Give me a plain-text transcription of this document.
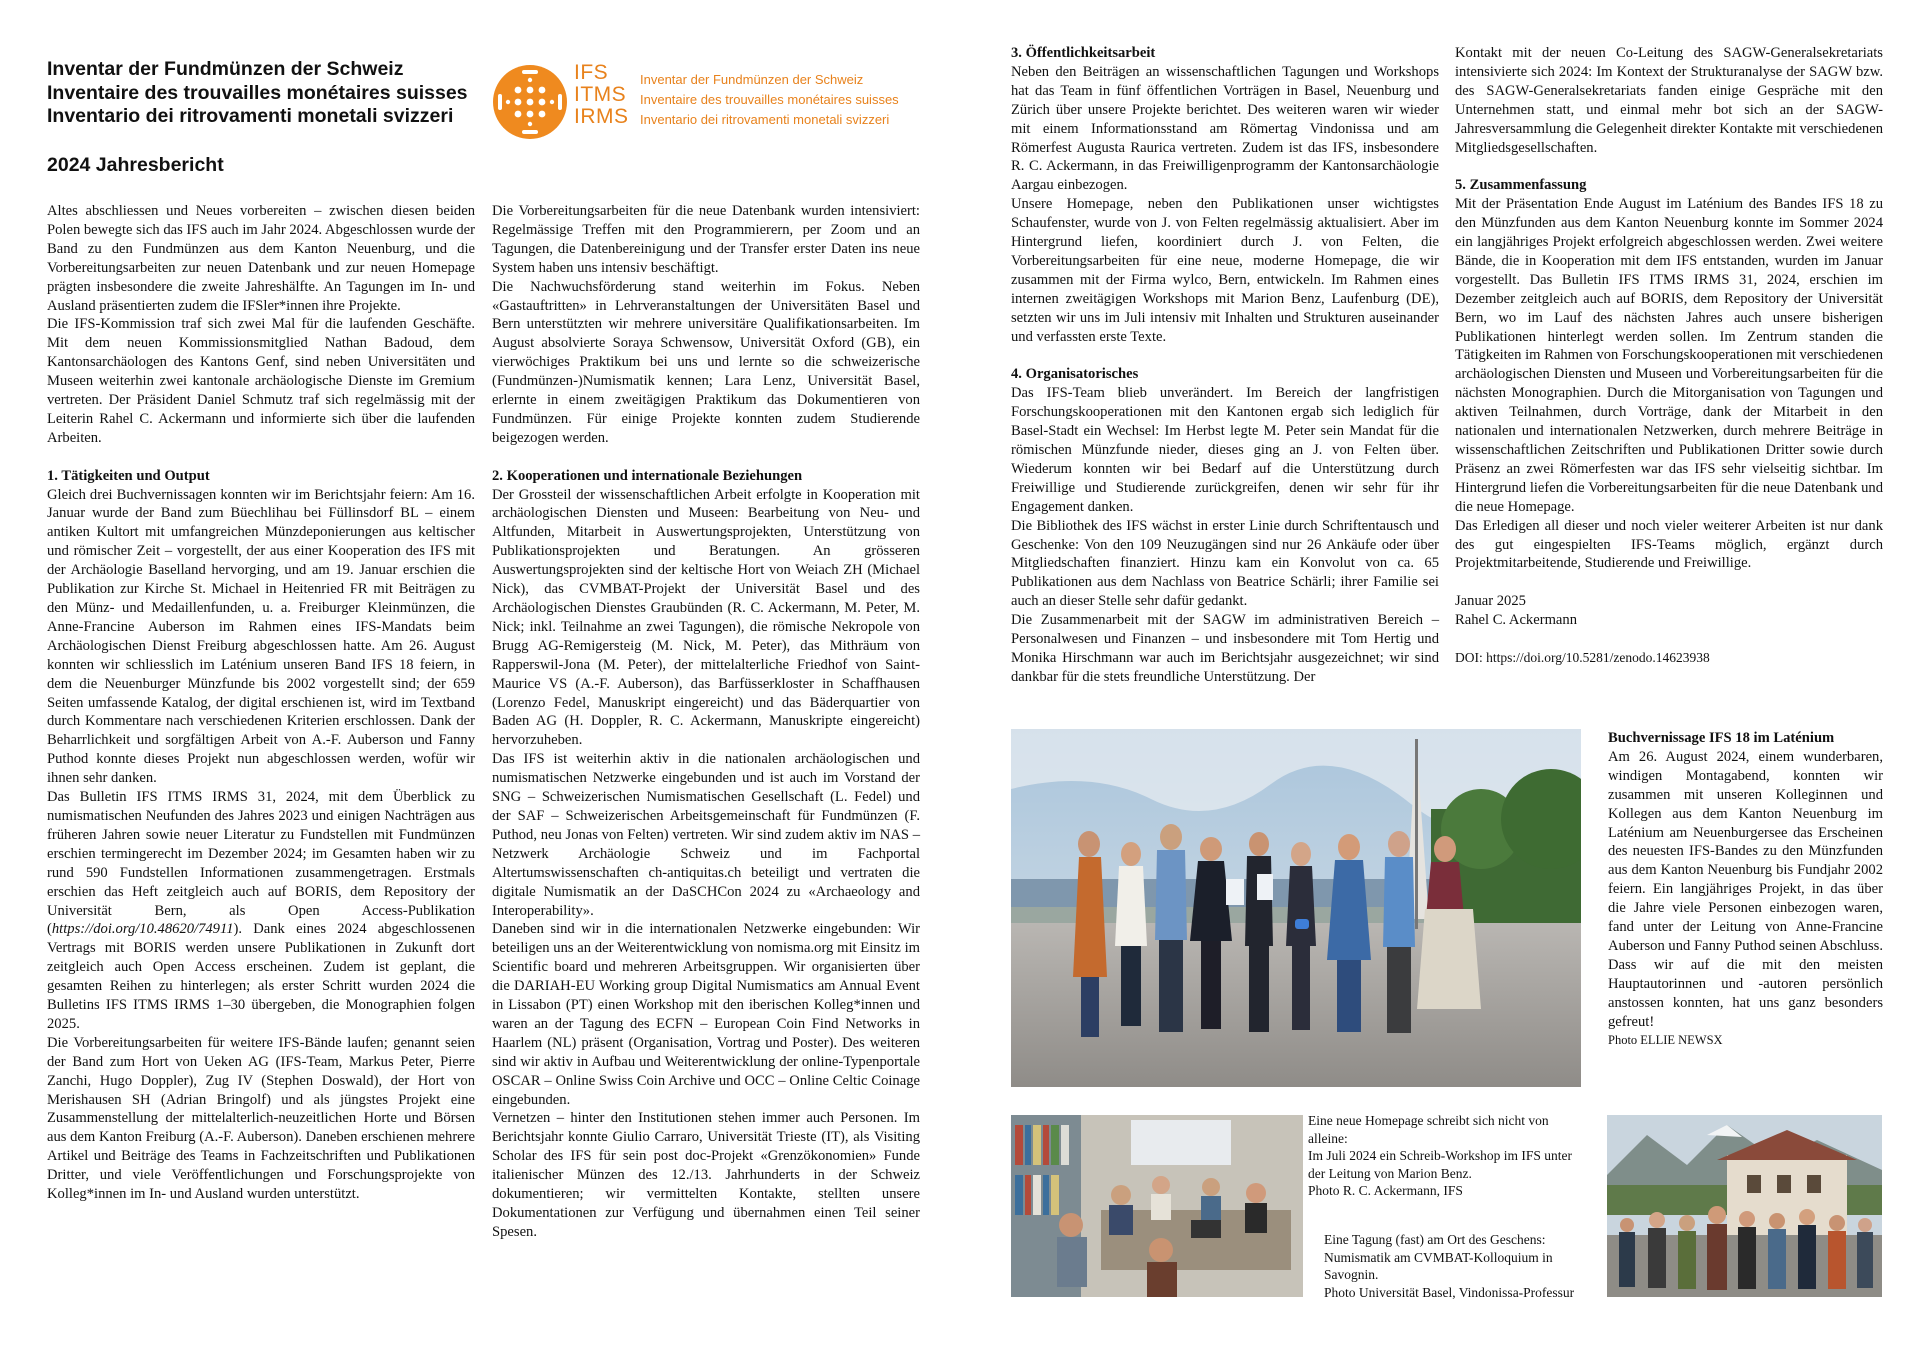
Inventar der Fundmünzen der Schweiz
Inventaire des trouvailles monétaires suisses
Inventario dei ritrovamenti monetali svizzeri
2024 Jahresbericht
IFS
ITMS
IRMS
Inventar der Fundmünzen der Schweiz
Inventaire des trouvailles monétaires suisses
Inventario dei ritrovamenti monetali svizzeri

Altes abschliessen und Neues vorbereiten – zwischen diesen beiden Polen bewegte sich das IFS auch im Jahr 2024. Abgeschlossen wurde der Band zu den Fundmünzen aus dem Kanton Neuenburg, und die Vorbereitungsarbeiten zur neuen Datenbank und zur neuen Homepage prägten insbesondere die zweite Jahreshälfte. An Tagungen im In- und Ausland präsentierten zudem die IFSler*innen ihre Projekte.

Die IFS-Kommission traf sich zwei Mal für die laufenden Geschäfte. Mit dem neuen Kommissionsmitglied Nathan Badoud, dem Kantonsarchäologen des Kantons Genf, sind neben Universitäten und Museen weiterhin zwei kantonale archäologische Dienste im Gremium vertreten. Der Präsident Daniel Schmutz traf sich regelmässig mit der Leiterin Rahel C. Ackermann und informierte sich über die laufenden Arbeiten.

1. Tätigkeiten und Output

Gleich drei Buchvernissagen konnten wir im Berichtsjahr feiern: Am 16. Januar wurde der Band zum Büechlihau bei Füllinsdorf BL – einem antiken Kultort mit umfangreichen Münzdeponierungen aus keltischer und römischer Zeit – vorgestellt, der aus einer Kooperation des IFS mit der Archäologie Baselland hervorging, und am 19. Januar erschien die Publikation zur Kirche St. Michael in Heitenried FR mit Beiträgen zu den Münz- und Medaillenfunden, u. a. Freiburger Kleinmünzen, die Anne-Francine Auberson im Rahmen eines IFS-Mandats beim Archäologischen Dienst Freiburg abgeschlossen hatte. Am 26. August konnten wir schliesslich im Laténium unseren Band IFS 18 feiern, in dem die Neuenburger Münzfunde bis 2002 vorgestellt sind; der 659 Seiten umfassende Katalog, der digital erschienen ist, wird im Textband durch Kommentare nach verschiedenen Kriterien erschlossen. Dank der Beharrlichkeit und sorgfältigen Arbeit von A.-F. Auberson und Fanny Puthod konnte dieses Projekt nun abgeschlossen werden, wofür wir ihnen sehr danken.

Das Bulletin IFS ITMS IRMS 31, 2024, mit dem Überblick zu numismatischen Neufunden des Jahres 2023 und einigen Nachträgen aus früheren Jahren sowie neuer Literatur zu Fundstellen mit Fundmünzen erschien termingerecht im Dezember 2024; im Gesamten haben wir zu rund 590 Fundstellen Informationen zusammengetragen. Erstmals erschien das Heft zeitgleich auch auf BORIS, dem Repository der Universität Bern, als Open Access-Publikation (https://doi.org/10.48620/74911). Dank eines 2024 abgeschlossenen Vertrags mit BORIS werden unsere Publikationen in Zukunft dort zeitgleich auch Open Access erscheinen. Zudem ist geplant, die gesamten Reihen zu hinterlegen; als erster Schritt wurden 2024 die Bulletins IFS ITMS IRMS 1–30 übergeben, die Monographien folgen 2025.

Die Vorbereitungsarbeiten für weitere IFS-Bände laufen; genannt seien der Band zum Hort von Ueken AG (IFS-Team, Markus Peter, Pierre Zanchi, Hugo Doppler), Zug IV (Stephen Doswald), der Hort von Merishausen SH (Adrian Bringolf) und als jüngstes Projekt eine Zusammenstellung der mittelalterlich-neuzeitlichen Horte und Börsen aus dem Kanton Freiburg (A.-F. Auberson). Daneben erschienen mehrere Artikel und Beiträge des Teams in Fachzeitschriften und Publikationen Dritter, und viele Veröffentlichungen und Forschungsprojekte von Kolleg*innen im In- und Ausland wurden unterstützt.

Die Vorbereitungsarbeiten für die neue Datenbank wurden intensiviert: Regelmässige Treffen mit den Programmierern, per Zoom und an Tagungen, die Datenbereinigung und der Transfer erster Daten ins neue System haben uns intensiv beschäftigt.

Die Nachwuchsförderung stand weiterhin im Fokus. Neben «Gastauftritten» in Lehrveranstaltungen der Universitäten Basel und Bern unterstützten wir mehrere universitäre Qualifikationsarbeiten. Im August absolvierte Soraya Schwensow, Universität Oxford (GB), ein vierwöchiges Praktikum bei uns und lernte so die schweizerische (Fundmünzen-)Numismatik kennen; Lara Lenz, Universität Basel, erlernte in einem zweitägigen Praktikum das Dokumentieren von Fundmünzen. Für einige Projekte konnten zudem Studierende beigezogen werden.

2. Kooperationen und internationale Beziehungen

Der Grossteil der wissenschaftlichen Arbeit erfolgte in Kooperation mit archäologischen Diensten und Museen: Bearbeitung von Neu- und Altfunden, Mitarbeit in Auswertungsprojekten, Unterstützung von Publikationsprojekten und Beratungen. An grösseren Auswertungsprojekten sind der keltische Hort von Weiach ZH (Michael Nick), das CVMBAT-Projekt der Universität Basel und des Archäologischen Dienstes Graubünden (R. C. Ackermann, M. Peter, M. Nick; inkl. Teilnahme an zwei Tagungen), die römische Nekropole von Brugg AG-Remigersteig (M. Nick, M. Peter), das Mithräum von Rapperswil-Jona (M. Peter), der mittelalterliche Friedhof von Saint-Maurice VS (A.-F. Auberson), das Barfüsserkloster in Schaffhausen (Lorenzo Fedel, Manuskript eingereicht) und das Bäderquartier von Baden AG (H. Doppler, R. C. Ackermann, Manuskripte eingereicht) hervorzuheben.

Das IFS ist weiterhin aktiv in die nationalen archäologischen und numismatischen Netzwerke eingebunden und ist auch im Vorstand der SNG – Schweizerischen Numismatischen Gesellschaft (L. Fedel) und der SAF – Schweizerischen Arbeitsgemeinschaft für Fundmünzen (F. Puthod, neu Jonas von Felten) vertreten. Wir sind zudem aktiv im NAS – Netzwerk Archäologie Schweiz und im Fachportal Altertumswissenschaften ch-antiquitas.ch beteiligt und vertraten die digitale Numismatik an der DaSCHCon 2024 zu «Archaeology and Interoperability».

Daneben sind wir in die internationalen Netzwerke eingebunden: Wir beteiligen uns an der Weiterentwicklung von nomisma.org mit Einsitz im Scientific board und mehreren Arbeitsgruppen. Wir organisierten über die DARIAH-EU Working group Digital Numismatics am Annual Event in Lissabon (PT) einen Workshop mit den iberischen Kolleg*innen und waren an der Tagung des ECFN – European Coin Find Networks in Haarlem (NL) präsent (Organisation, Vortrag und Poster). Des weiteren sind wir aktiv in Aufbau und Weiterentwicklung der online-Typenportale OSCAR – Online Swiss Coin Archive und OCC – Online Celtic Coinage eingebunden.

Vernetzen – hinter den Institutionen stehen immer auch Personen. Im Berichtsjahr konnte Giulio Carraro, Universität Trieste (IT), als Visiting Scholar des IFS für sein post doc-Projekt «Grenzökonomien» Funde italienischer Münzen des 12./13. Jahrhunderts in der Schweiz dokumentieren; wir vermittelten Kontakte, stellten unsere Dokumentationen zur Verfügung und übernahmen einen Teil seiner Spesen.

3. Öffentlichkeitsarbeit

Neben den Beiträgen an wissenschaftlichen Tagungen und Workshops hat das Team in fünf öffentlichen Vorträgen in Basel, Neuenburg und Zürich über unsere Projekte berichtet. Des weiteren waren wir wieder mit einem Informationsstand am Römertag Vindonissa und am Römerfest Augusta Raurica vertreten. Zudem ist das IFS, insbesondere R. C. Ackermann, in das Freiwilligenprogramm der Kantonsarchäologie Aargau einbezogen.

Unsere Homepage, neben den Publikationen unser wichtigstes Schaufenster, wurde von J. von Felten regelmässig aktualisiert. Aber im Hintergrund liefen, koordiniert durch J. von Felten, die Vorbereitungsarbeiten für eine neue, moderne Homepage, die wir zusammen mit der Firma wylco, Bern, entwickeln. Im Rahmen eines internen zweitägigen Workshops mit Marion Benz, Laufenburg (DE), setzten wir uns im Juli intensiv mit Inhalten und Strukturen auseinander und verfassten erste Texte.

4. Organisatorisches

Das IFS-Team blieb unverändert. Im Bereich der langfristigen Forschungskooperationen mit den Kantonen ergab sich lediglich für Basel-Stadt ein Wechsel: Im Herbst legte M. Peter sein Mandat für die römischen Münzfunde nieder, dieses ging an J. von Felten über. Wiederum konnten wir bei Bedarf auf die Unterstützung durch Freiwillige und Studierende zurückgreifen, denen wir sehr für ihr Engagement danken.

Die Bibliothek des IFS wächst in erster Linie durch Schriftentausch und Geschenke: Von den 109 Neuzugängen sind nur 26 Ankäufe oder über Mitgliedschaften finanziert. Hinzu kam ein Konvolut von ca. 65 Publikationen aus dem Nachlass von Beatrice Schärli; ihrer Familie sei auch an dieser Stelle sehr dafür gedankt.

Die Zusammenarbeit mit der SAGW im administrativen Bereich – Personalwesen und Finanzen – und insbesondere mit Tom Hertig und Monika Hirschmann war auch im Berichtsjahr ausgezeichnet; wir sind dankbar für die stets freundliche Unterstützung. Der

Kontakt mit der neuen Co-Leitung des SAGW-Generalsekretariats intensivierte sich 2024: Im Kontext der Strukturanalyse der SAGW bzw. des SAGW-Generalsekretariats fanden einige Gespräche mit den Unternehmen statt, und einmal mehr bot sich an der SAGW-Jahresversammlung die Gelegenheit direkter Kontakte mit verschiedenen Mitgliedsgesellschaften.

5. Zusammenfassung

Mit der Präsentation Ende August im Laténium des Bandes IFS 18 zu den Münzfunden aus dem Kanton Neuenburg konnte im Sommer 2024 ein langjähriges Projekt erfolgreich abgeschlossen werden. Zwei weitere Bände, die in Kooperation mit dem IFS entstanden, wurden im Januar vorgestellt. Das Bulletin IFS ITMS IRMS 31, 2024, erschien im Dezember zeitgleich auch auf BORIS, dem Repository der Universität Bern, wo im Lauf des nächsten Jahres auch unsere bisherigen Publikationen hinterlegt werden sollen. Im Zentrum standen die Tätigkeiten im Rahmen von Forschungskooperationen mit verschiedenen archäologischen Diensten und Museen und Vorbereitungsarbeiten für die nächsten Monographien. Durch die Mitorganisation von Tagungen und aktiven Teilnahmen, durch Vorträge, dank der Mitarbeit in den nationalen und internationalen Netzwerken, durch mehrere Beiträge in wissenschaftlichen Zeitschriften und Publikationen Dritter sowie durch Präsenz an zwei Römerfesten war das IFS sehr vielseitig sichtbar. Im Hintergrund liefen die Vorbereitungsarbeiten für die neue Datenbank und die neue Homepage.

Das Erledigen all dieser und noch vieler weiterer Arbeiten ist nur dank des gut eingespielten IFS-Teams möglich, ergänzt durch Projektmitarbeitende, Studierende und Freiwillige.

Januar 2025

Rahel C. Ackermann

DOI: https://doi.org/10.5281/zenodo.14623938

Buchvernissage IFS 18 im Laténium

Am 26. August 2024, einem wunderbaren, windigen Montagabend, konnten wir zusammen mit unseren Kolleginnen und Kollegen aus dem Kanton Neuenburg im Laténium am Neuenburgersee das Erscheinen des neuesten IFS-Bandes zu den Münzfunden aus dem Kanton Neuenburg bis Fundjahr 2002 feiern. Ein langjähriges Projekt, in das über die Jahre viele Personen einbezogen waren, fand unter der Leitung von Anne-Francine Auberson und Fanny Puthod seinen Abschluss. Dass wir auf die mit den meisten Hauptautorinnen und -autoren persönlich anstossen konnten, hat uns ganz besonders gefreut!

Photo ELLIE NEWSX

Eine neue Homepage schreibt sich nicht von alleine:
Im Juli 2024 ein Schreib-Workshop im IFS unter der Leitung von Marion Benz.
Photo R. C. Ackermann, IFS
Eine Tagung (fast) am Ort des Geschens:
Numismatik am CVMBAT-Kolloquium in Savognin.
Photo Universität Basel, Vindonissa-Professur
